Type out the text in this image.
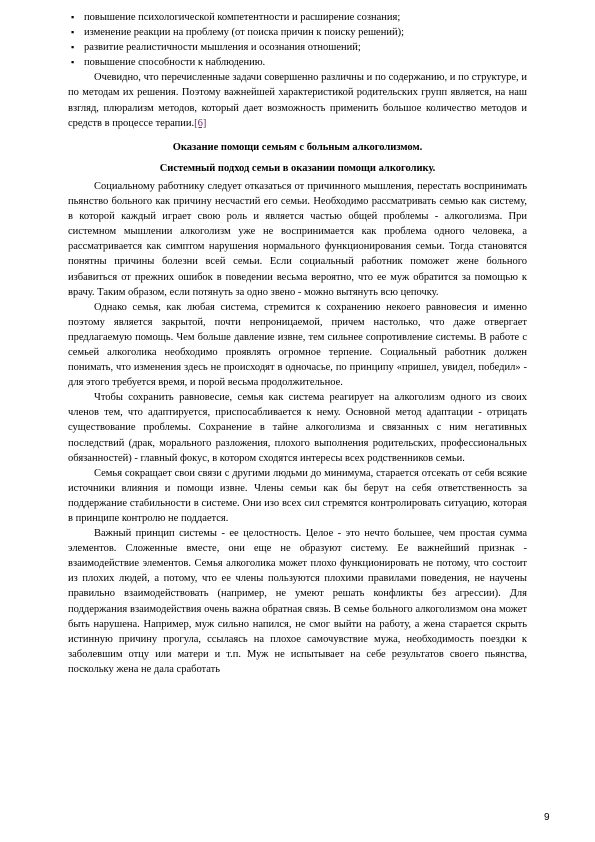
▪ повышение психологической компетентности и расширение сознания;
▪ изменение реакции на проблему (от поиска причин к поиску решений);
▪ развитие реалистичности мышления и осознания отношений;
▪ повышение способности к наблюдению.

Очевидно, что перечисленные задачи совершенно различны и по содержанию, и по структуре, и по методам их решения. Поэтому важнейшей характеристикой родительских групп является, на наш взгляд, плюрализм методов, который дает возможность применить большое количество методов и средств в процессе терапии.[6]

Оказание помощи семьям с больным алкоголизмом.

Системный подход семьи в оказании помощи алкоголику.

Социальному работнику следует отказаться от причинного мышления, перестать воспринимать пьянство больного как причину несчастий его семьи. Необходимо рассматривать семью как систему, в которой каждый играет свою роль и является частью общей проблемы - алкоголизма. При системном мышлении алкоголизм уже не воспринимается как проблема одного человека, а рассматривается как симптом нарушения нормального функционирования семьи. Тогда становятся понятны причины болезни всей семьи. Если социальный работник поможет жене больного избавиться от прежних ошибок в поведении весьма вероятно, что ее муж обратится за помощью к врачу. Таким образом, если потянуть за одно звено - можно вытянуть всю цепочку.

Однако семья, как любая система, стремится к сохранению некоего равновесия и именно поэтому является закрытой, почти непроницаемой, причем настолько, что даже отвергает предлагаемую помощь. Чем больше давление извне, тем сильнее сопротивление системы. В работе с семьей алкоголика необходимо проявлять огромное терпение. Социальный работник должен понимать, что изменения здесь не происходят в одночасье, по принципу «пришел, увидел, победил» - для этого требуется время, и порой весьма продолжительное.

Чтобы сохранить равновесие, семья как система реагирует на алкоголизм одного из своих членов тем, что адаптируется, приспосабливается к нему. Основной метод адаптации - отрицать существование проблемы. Сохранение в тайне алкоголизма и связанных с ним негативных последствий (драк, морального разложения, плохого выполнения родительских, профессиональных обязанностей) - главный фокус, в котором сходятся интересы всех родственников семьи.

Семья сокращает свои связи с другими людьми до минимума, старается отсекать от себя всякие источники влияния и помощи извне. Члены семьи как бы берут на себя ответственность за поддержание стабильности в системе. Они изо всех сил стремятся контролировать ситуацию, которая в принципе контролю не поддается.

Важный принцип системы - ее целостность. Целое - это нечто большее, чем простая сумма элементов. Сложенные вместе, они еще не образуют систему. Ее важнейший признак - взаимодействие элементов. Семья алкоголика может плохо функционировать не потому, что состоит из плохих людей, а потому, что ее члены пользуются плохими правилами поведения, не научены правильно взаимодействовать (например, не умеют решать конфликты без агрессии). Для поддержания взаимодействия очень важна обратная связь. В семье больного алкоголизмом она может быть нарушена. Например, муж сильно напился, не смог выйти на работу, а жена старается скрыть истинную причину прогула, ссылаясь на плохое самочувствие мужа, необходимость поездки к заболевшим отцу или матери и т.п. Муж не испытывает на себе результатов своего пьянства, поскольку жена не дала сработать

9
